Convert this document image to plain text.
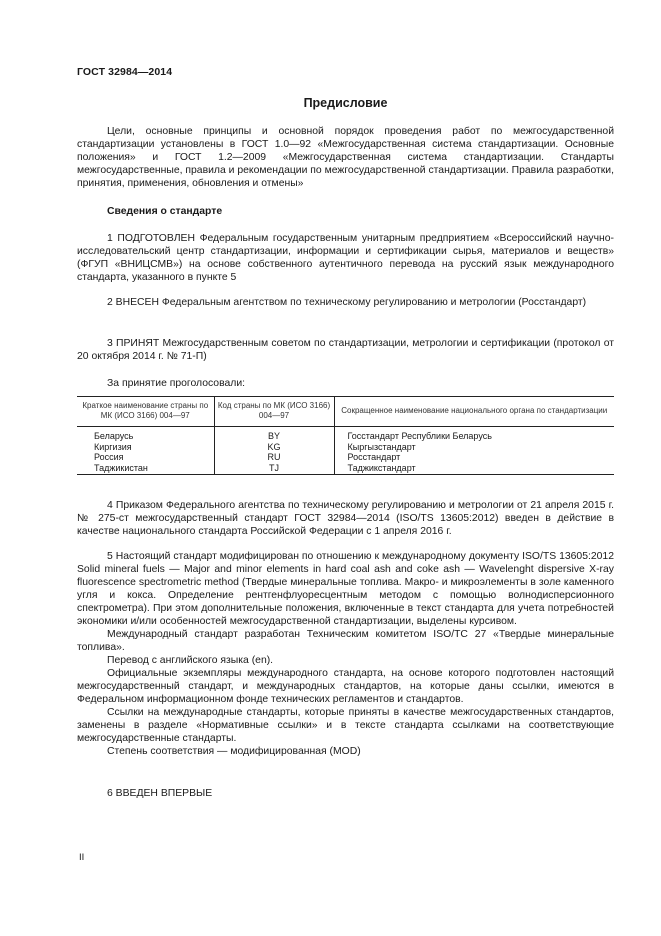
ГОСТ 32984—2014
Предисловие

Цели, основные принципы и основной порядок проведения работ по межгосударственной стандартизации установлены в ГОСТ 1.0—92 «Межгосударственная система стандартизации. Основные положения» и ГОСТ 1.2—2009 «Межгосударственная система стандартизации. Стандарты межгосударственные, правила и рекомендации по межгосударственной стандартизации. Правила разработки, принятия, применения, обновления и отмены»

Сведения о стандарте

1 ПОДГОТОВЛЕН Федеральным государственным унитарным предприятием «Всероссийский научно-исследовательский центр стандартизации, информации и сертификации сырья, материалов и веществ» (ФГУП «ВНИЦСМВ») на основе собственного аутентичного перевода на русский язык международного стандарта, указанного в пункте 5

2 ВНЕСЕН Федеральным агентством по техническому регулированию и метрологии (Росстандарт)

3 ПРИНЯТ Межгосударственным советом по стандартизации, метрологии и сертификации (протокол от 20 октября 2014 г. № 71-П)

За принятие проголосовали:

Краткое наименование страны по МК (ИСО 3166) 004—97	Код страны по МК (ИСО 3166) 004—97	Сокращенное наименование национального органа по стандартизации
Беларусь	BY	Госстандарт Республики Беларусь
Киргизия	KG	Кыргызстандарт
Россия	RU	Росстандарт
Таджикистан	TJ	Таджикстандарт

4 Приказом Федерального агентства по техническому регулированию и метрологии от 21 апреля 2015 г. № 275-ст межгосударственный стандарт ГОСТ 32984—2014 (ISO/TS 13605:2012) введен в действие в качестве национального стандарта Российской Федерации с 1 апреля 2016 г.

5 Настоящий стандарт модифицирован по отношению к международному документу ISO/TS 13605:2012 Solid mineral fuels — Major and minor elements in hard coal ash and coke ash — Wavelenght dispersive X-ray fluorescence spectrometric method (Твердые минеральные топлива. Макро- и микроэлементы в золе каменного угля и кокса. Определение рентгенфлуоресцентным методом с помощью волнодисперсионного спектрометра). При этом дополнительные положения, включенные в текст стандарта для учета потребностей экономики и/или особенностей межгосударственной стандартизации, выделены курсивом.

Международный стандарт разработан Техническим комитетом ISO/TC 27 «Твердые минеральные топлива».

Перевод с английского языка (en).

Официальные экземпляры международного стандарта, на основе которого подготовлен настоящий межгосударственный стандарт, и международных стандартов, на которые даны ссылки, имеются в Федеральном информационном фонде технических регламентов и стандартов.

Ссылки на международные стандарты, которые приняты в качестве межгосударственных стандартов, заменены в разделе «Нормативные ссылки» и в тексте стандарта ссылками на соответствующие межгосударственные стандарты.

Степень соответствия — модифицированная (MOD)

6 ВВЕДЕН ВПЕРВЫЕ

II
